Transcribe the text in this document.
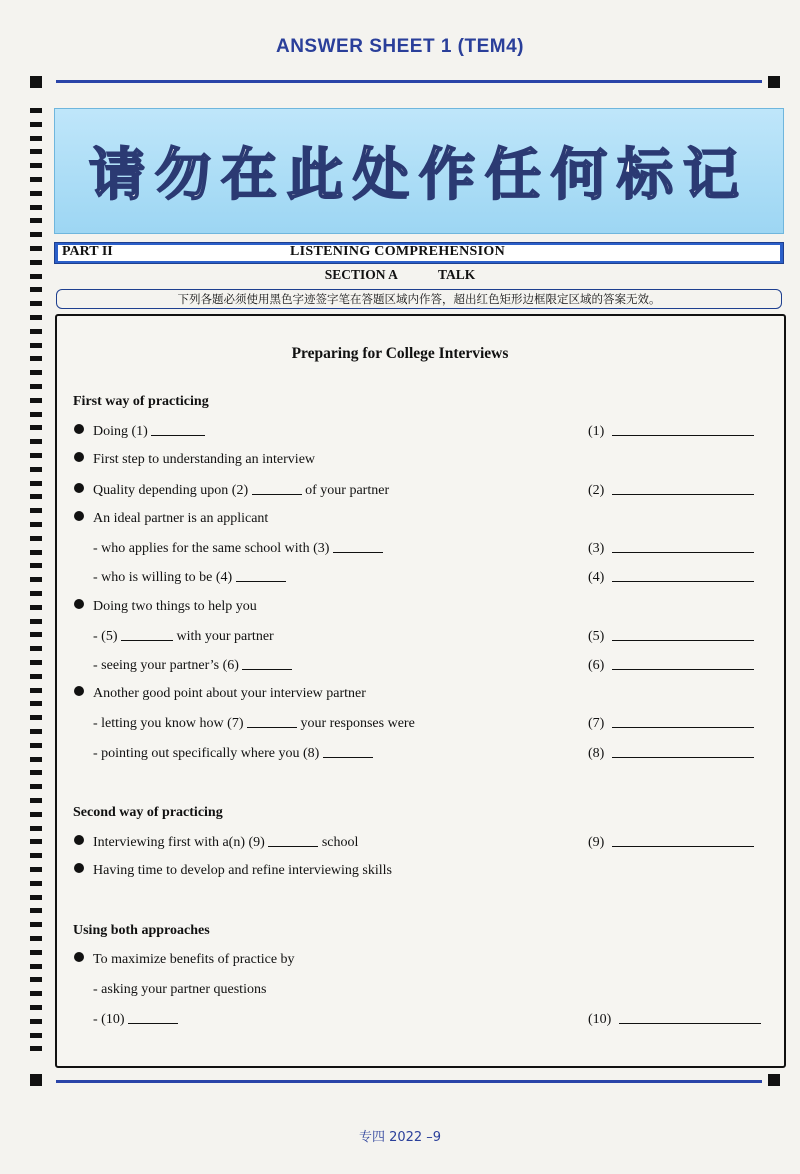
ANSWER SHEET 1 (TEM4)
请勿在此处作任何标记
PART II	LISTENING COMPREHENSION
SECTION A	TALK
下列各题必须使用黑色字迹签字笔在答题区域内作答，超出红色矩形边框限定区域的答案无效。
Preparing for College Interviews
First way of practicing
Doing (1)
First step to understanding an interview
Quality depending upon (2)	of your partner
An ideal partner is an applicant
- who applies for the same school with (3)
- who is willing to be (4)
Doing two things to help you
- (5)	with your partner
- seeing your partner’s (6)
Another good point about your interview partner
- letting you know how (7)	your responses were
- pointing out specifically where you (8)
Second way of practicing
Interviewing first with a(n) (9)	school
Having time to develop and refine interviewing skills
Using both approaches
To maximize benefits of practice by
- asking your partner questions
- (10)
(1)
(2)
(3)
(4)
(5)
(6)
(7)
(8)
(9)
(10)
专四 2022 –9
